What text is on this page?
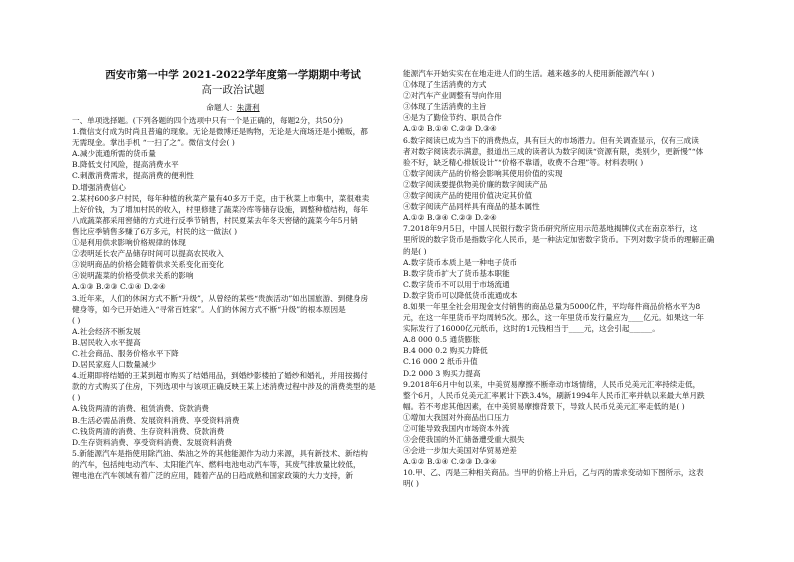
西安市第一中学 2021-2022学年度第一学期期中考试

高一政治试题

命题人：朱潇利
一、单项选择题。(下列各题的四个选项中只有一个是正确的，每题2分，共50分)
1.微信支付成为时尚且普遍的现象。无论是微博还是购物，无论是大商场还是小摊贩，都
无需现金。掌出手机 “一扫了之”。微信支付会( )
A.减少流通所需的货币量
B.降低支付风险，提高消费水平
C.刺激消费需求，提高消费的便利性
D.增强消费信心
2.某村600多户村民，每年种植的秋菜产量有40多万千克，由于秋菜上市集中，菜很难卖
上好价钱，为了增加村民的收入，村里修建了蔬菜冷库等储存设施，调整种植结构，每年
八成蔬菜都采用窖储的方式进行反季节销售，村民夏某去年冬天窖储的蔬菜今年5月销
售比应季销售多赚了6万多元，村民的这一做法( )
①是利用供求影响价格规律的体现
②表明延长农产品储存时间可以提高农民收入
③说明商品的价格会随着供求关系变化而变化
④说明蔬菜的价格受供求关系的影响
A.①③ B.②③ C.①④ D.②④
3.近年来，人们的休闲方式不断“升级”，从曾经的某些“贵族活动”如出国旅游、到健身房
健身等，如今已开始进入“寻常百姓家”。人们的休闲方式不断“升级”的根本原因是
( )
A.社会经济不断发展
B.居民收入水平提高
C.社会商品、服务价格水平下降
D.居民家庭人口数量减少
4.近期即将结婚的王某到超市购买了结婚用品，到婚纱影楼拍了婚纱和婚礼，并用按揭付
款的方式购买了住房，下列选项中与该项正确反映王某上述消费过程中涉及的消费类型的是
( )
A.钱货两清的消费、租赁消费、贷款消费
B.生活必需品消费、发展资料消费、享受资料消费
C.钱货两清的消费、生存资料消费、贷款消费
D.生存资料消费、享受资料消费、发展资料消费
5.新能源汽车是指使用除汽油、柴油之外的其他能源作为动力来源，具有新技术、新结构
的汽车，包括纯电动汽车、太阳能汽车、燃料电池电动汽车等，其废气排放量比较低，
锂电池在汽车领域有着广泛的应用，随着产品的日趋成熟和国家政策的大力支持，新
能源汽车开始实实在在地走进人们的生活。越来越多的人使用新能源汽车( )
①体现了生活消费的方式
②对汽车产业调整有导向作用
③体现了生活消费的主旨
④是为了勤俭节约、职员合作
A.①② B.①④ C.②③ D.③④
6.数字阅读已成为当下的消费热点，具有巨大的市场潜力。但有关调查显示，仅有三成读
者对数字阅读表示满意，报道出三成的读者认为数字阅读“资源有限，类别少，更新慢”“体
验不好，缺乏精心排版设计”“价格不靠谱，收费不合理”等。材料表明( )
①数字阅读产品的价格会影响其使用价值的实现
②数字阅读要提供物美价廉的数字阅读产品
③数字阅读产品的使用价值决定其价值
④数字阅读产品同样具有商品的基本属性
A.①② B.③④ C.②③ D.②④
7.2018年9月5日，中国人民银行数字货币研究所应用示范基地揭牌仪式在南京举行，这
里所说的数字货币是指数字化人民币，是一种法定加密数字货币。下列对数字货币的理解正确
的是( )
A.数字货币本质上是一种电子货币
B.数字货币扩大了货币基本职能
C.数字货币不可以用于市场流通
D.数字货币可以降低货币流通成本
8.如果一年里全社会用现金支付销售的商品总量为5000亿件，平均每件商品价格水平为8
元，在这一年里货币平均周转5次。那么，这一年里货币发行量应为____亿元。如果这一年
实际发行了16000亿元纸币，这时的1元钱相当于____元，这会引起______。
A.8 000 0.5 通货膨胀
B.4 000 0.2 购买力降低
C.16 000 2 纸币升值
D.2 000 3 购买力提高
9.2018年6月中旬以来，中美贸易摩擦不断牵动市场情绪，人民币兑美元汇率持续走低，
整个6月，人民币兑美元汇率累计下跌3.4%，刷新1994年人民币汇率并轨以来最大单月跌
幅。若不考虑其他因素，在中美贸易摩擦背景下，导致人民币兑美元汇率走低的是( )
①增加大我国对外商品出口压力
②可能导致我国内市场资本外流
③会使我国的外汇储备遭受重大损失
④会进一步加大美国对华贸易逆差
A.①② B.①④ C.②③ D.③④
10.甲、乙、丙是三种相关商品。当甲的价格上升后，乙与丙的需求变动如下图所示，这表
明( )
